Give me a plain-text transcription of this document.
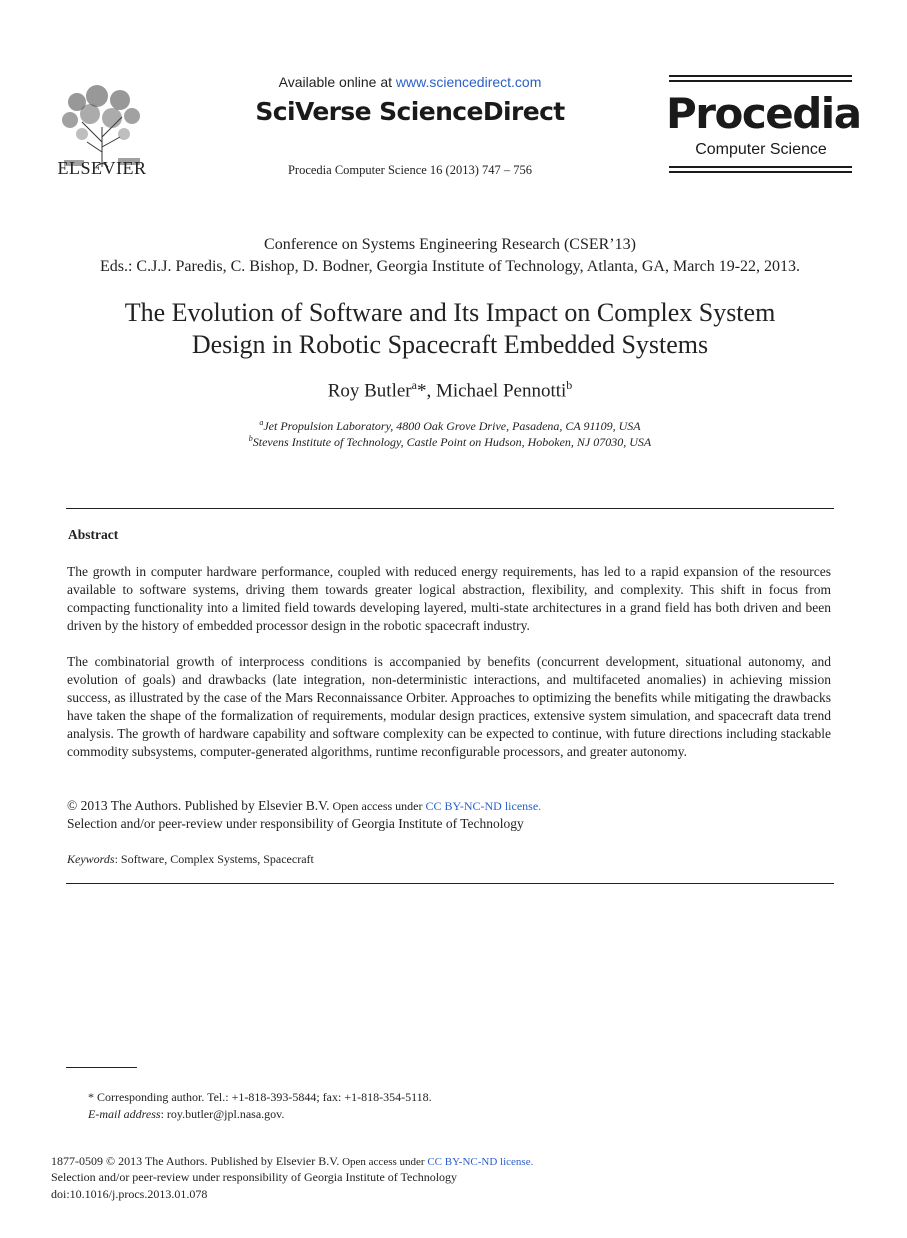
ELSEVIER
Available online at www.sciencedirect.com
SciVerse ScienceDirect
Procedia Computer Science 16 (2013) 747 – 756
Procedia
Computer Science
Conference on Systems Engineering Research (CSER’13)
Eds.: C.J.J. Paredis, C. Bishop, D. Bodner, Georgia Institute of Technology, Atlanta, GA, March 19-22, 2013.
The Evolution of Software and Its Impact on Complex System
Design in Robotic Spacecraft Embedded Systems
Roy Butler$^a$*, Michael Pennotti$^b$
$^a$Jet Propulsion Laboratory, 4800 Oak Grove Drive, Pasadena, CA 91109, USA
$^b$Stevens Institute of Technology, Castle Point on Hudson, Hoboken, NJ 07030, USA
Abstract
The growth in computer hardware performance, coupled with reduced energy requirements, has led to a rapid expansion of the resources available to software systems, driving them towards greater logical abstraction, flexibility, and complexity. This shift in focus from compacting functionality into a limited field towards developing layered, multi-state architectures in a grand field has both driven and been driven by the history of embedded processor design in the robotic spacecraft industry.
The combinatorial growth of interprocess conditions is accompanied by benefits (concurrent development, situational autonomy, and evolution of goals) and drawbacks (late integration, non-deterministic interactions, and multifaceted anomalies) in achieving mission success, as illustrated by the case of the Mars Reconnaissance Orbiter. Approaches to optimizing the benefits while mitigating the drawbacks have taken the shape of the formalization of requirements, modular design practices, extensive system simulation, and spacecraft data trend analysis. The growth of hardware capability and software complexity can be expected to continue, with future directions including stackable commodity subsystems, computer-generated algorithms, runtime reconfigurable processors, and greater autonomy.
© 2013 The Authors. Published by Elsevier B.V. Open access under CC BY-NC-ND license.
Selection and/or peer-review under responsibility of Georgia Institute of Technology
Keywords: Software, Complex Systems, Spacecraft
* Corresponding author. Tel.: +1-818-393-5844; fax: +1-818-354-5118.
E-mail address: roy.butler@jpl.nasa.gov.
1877-0509 © 2013 The Authors. Published by Elsevier B.V. Open access under CC BY-NC-ND license.
Selection and/or peer-review under responsibility of Georgia Institute of Technology
doi:10.1016/j.procs.2013.01.078
